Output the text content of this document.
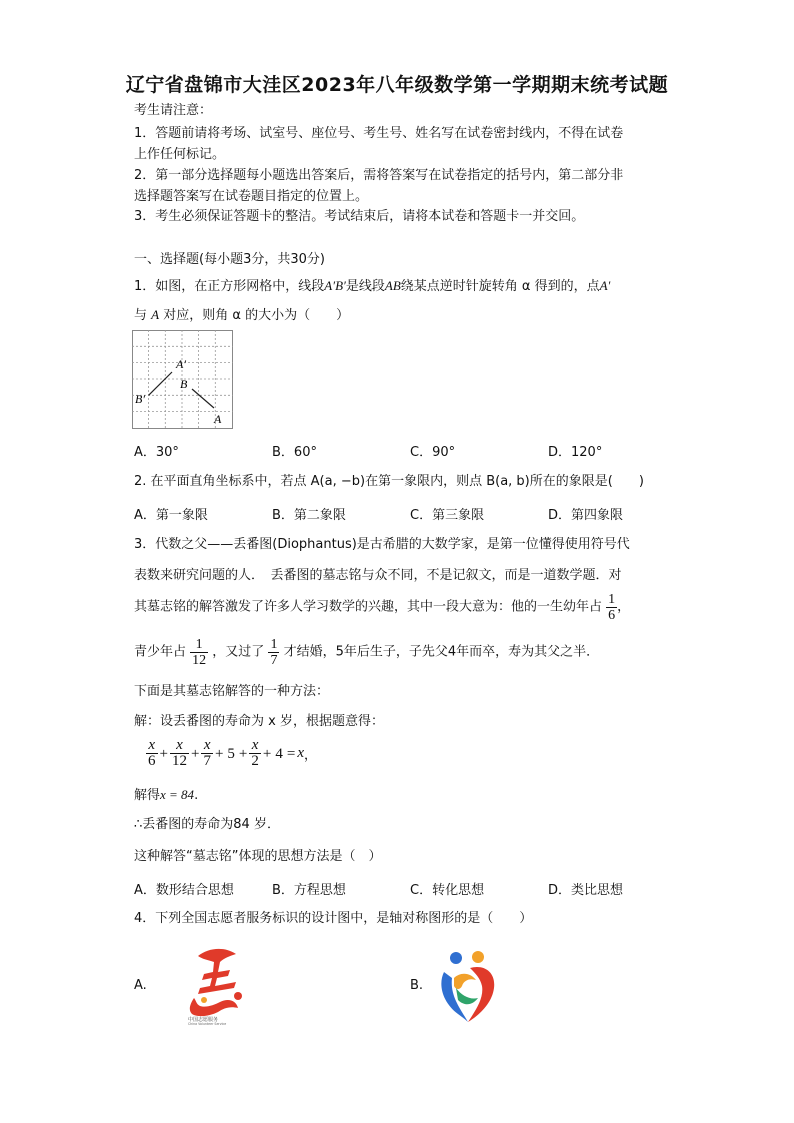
辽宁省盘锦市大洼区2023年八年级数学第一学期期末统考试题
考生请注意：
1．答题前请将考场、试室号、座位号、考生号、姓名写在试卷密封线内，不得在试卷
上作任何标记。
2．第一部分选择题每小题选出答案后，需将答案写在试卷指定的括号内，第二部分非
选择题答案写在试卷题目指定的位置上。
3．考生必须保证答题卡的整洁。考试结束后，请将本试卷和答题卡一并交回。
一、选择题(每小题3分，共30分)
1．如图，在正方形网格中，线段A′B′是线段AB绕某点逆时针旋转角 α 得到的，点A′
与 A 对应，则角 α 的大小为（　　）
A′
B
B′
A
A．30°	B．60°	C．90°	D．120°
2. 在平面直角坐标系中，若点 A(a, −b)在第一象限内，则点 B(a, b)所在的象限是(　　)
A．第一象限	B．第二象限	C．第三象限	D．第四象限
3．代数之父——丢番图(Diophantus)是古希腊的大数学家，是第一位懂得使用符号代
表数来研究问题的人．　丢番图的墓志铭与众不同，不是记叙文，而是一道数学题．对
其墓志铭的解答激发了许多人学习数学的兴趣，其中一段大意为：他的一生幼年占 $\frac{1}{6}$ ，
青少年占 $\frac{1}{12}$ ，又过了 $\frac{1}{7}$ 才结婚，5年后生子，子先父4年而卒，寿为其父之半．
下面是其墓志铭解答的一种方法：
解：设丢番图的寿命为 x 岁，根据题意得：
$\frac{x}{6} + \frac{x}{12} + \frac{x}{7} + 5 + \frac{x}{2} + 4 = x$，
解得x = 84.
∴丢番图的寿命为84 岁．
这种解答“墓志铭”体现的思想方法是（　）
A．数形结合思想	B．方程思想	C．转化思想	D．类比思想
4．下列全国志愿者服务标识的设计图中，是轴对称图形的是（　　）
A.
中国志愿服务
China Volunteer Service
B.
